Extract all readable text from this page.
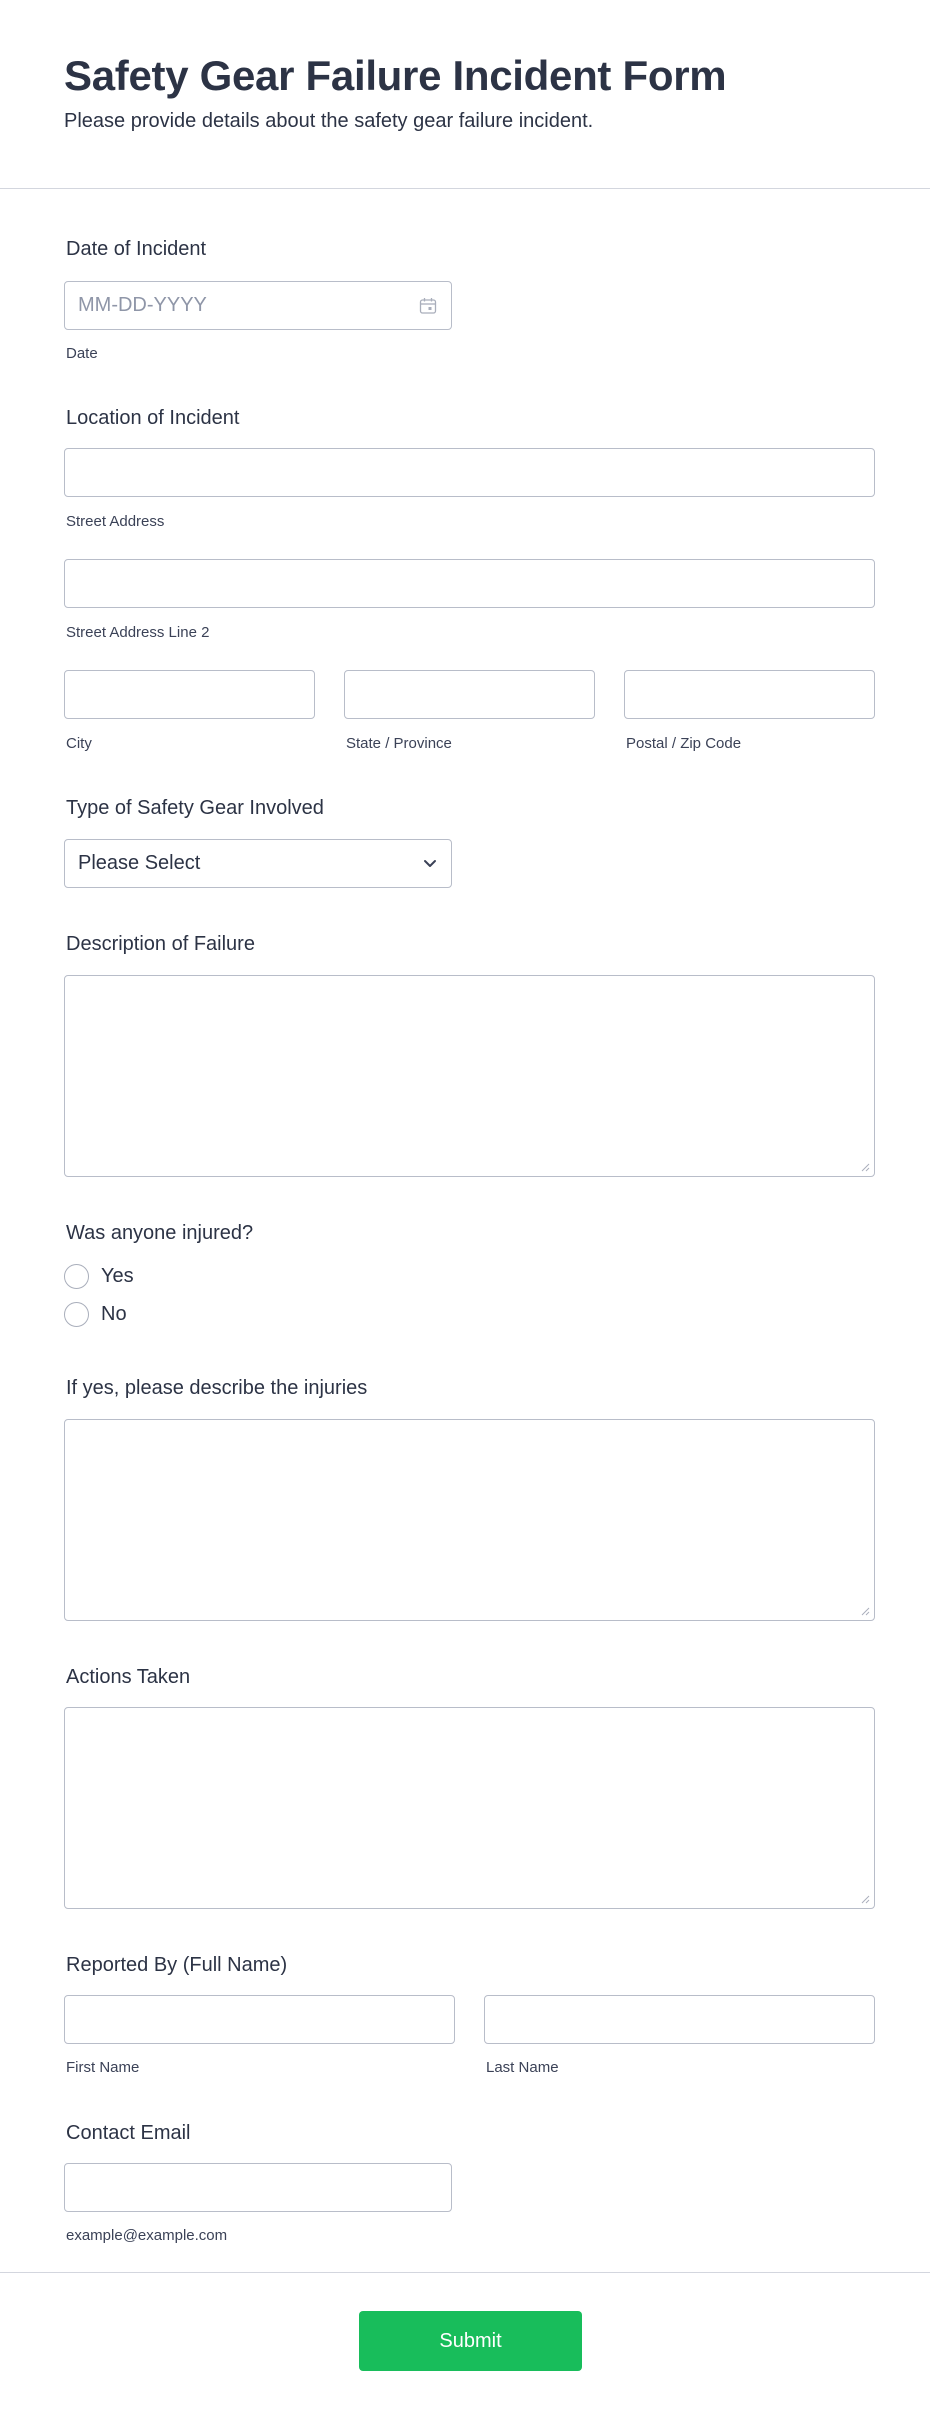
Safety Gear Failure Incident Form
Please provide details about the safety gear failure incident.
Date of Incident
MM-DD-YYYY
Date
Location of Incident
Street Address
Street Address Line 2
City	State / Province	Postal / Zip Code
Type of Safety Gear Involved
Please Select
Description of Failure
Was anyone injured?
Yes
No
If yes, please describe the injuries
Actions Taken
Reported By (Full Name)
First Name	Last Name
Contact Email
example@example.com
Submit
